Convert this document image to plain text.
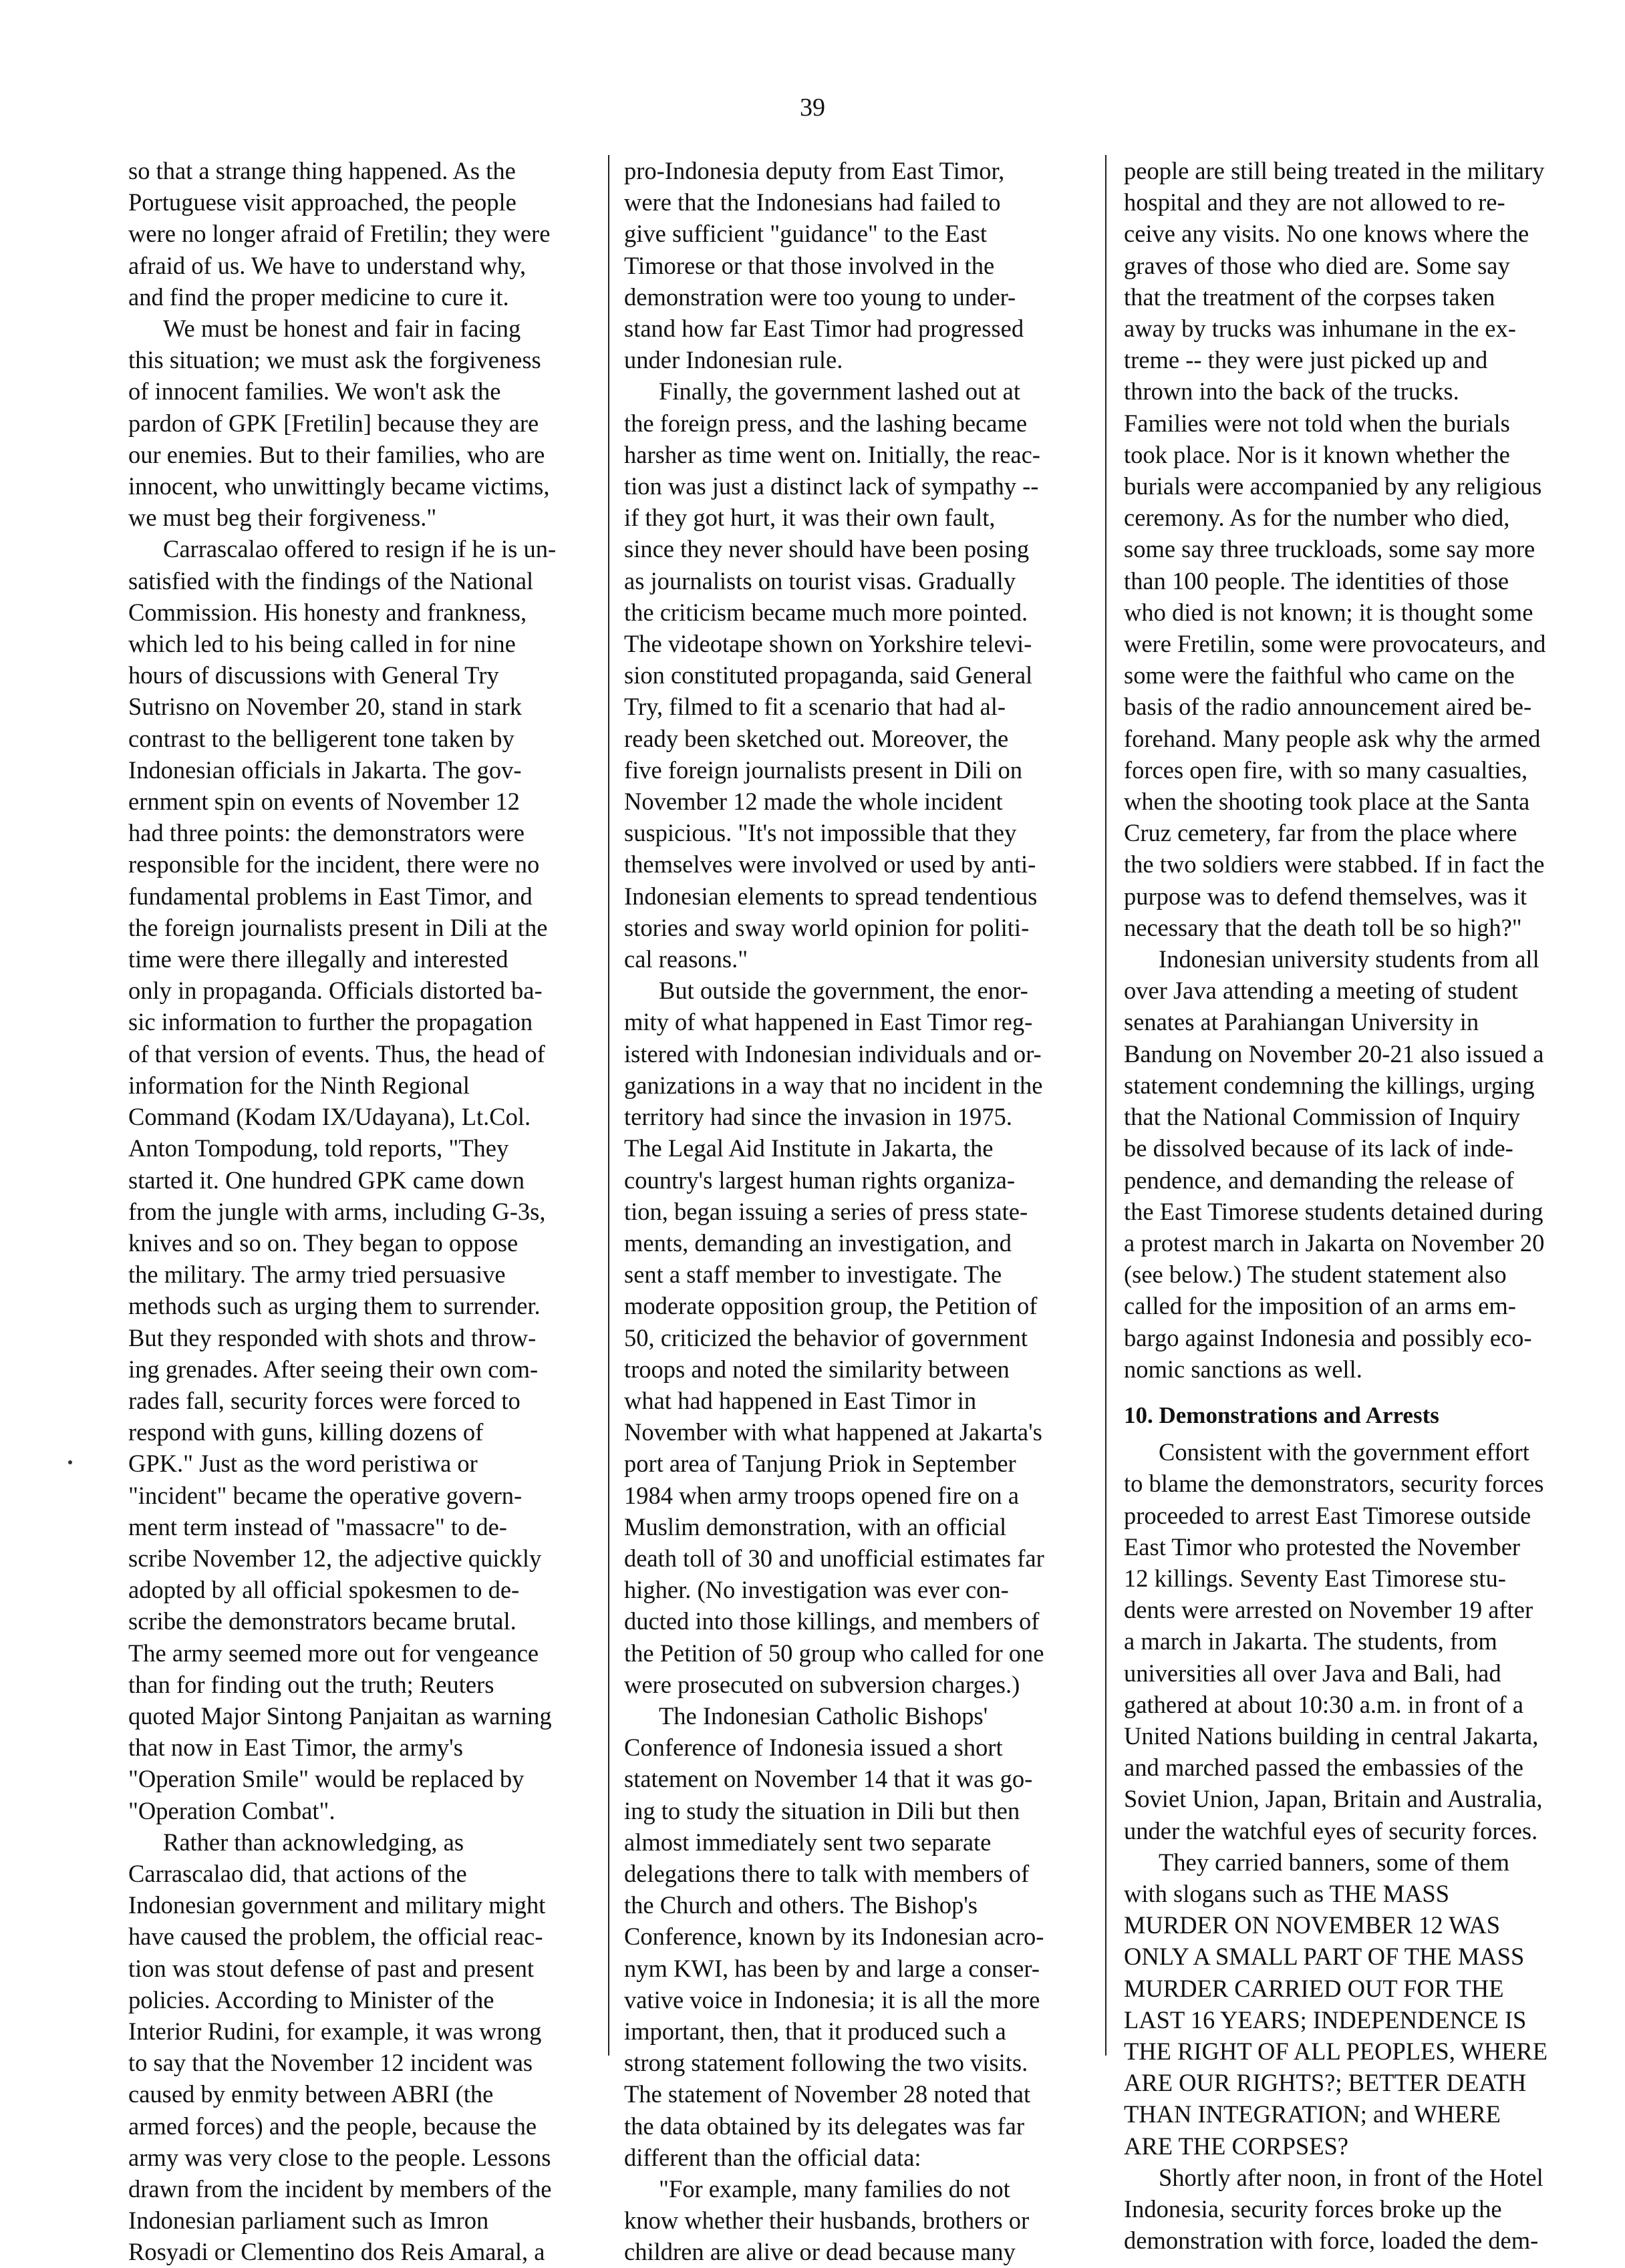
39
so that a strange thing happened. As the
Portuguese visit approached, the people
were no longer afraid of Fretilin; they were
afraid of us. We have to understand why,
and find the proper medicine to cure it.
We must be honest and fair in facing
this situation; we must ask the forgiveness
of innocent families. We won't ask the
pardon of GPK [Fretilin] because they are
our enemies. But to their families, who are
innocent, who unwittingly became victims,
we must beg their forgiveness."
Carrascalao offered to resign if he is un-
satisfied with the findings of the National
Commission. His honesty and frankness,
which led to his being called in for nine
hours of discussions with General Try
Sutrisno on November 20, stand in stark
contrast to the belligerent tone taken by
Indonesian officials in Jakarta. The gov-
ernment spin on events of November 12
had three points: the demonstrators were
responsible for the incident, there were no
fundamental problems in East Timor, and
the foreign journalists present in Dili at the
time were there illegally and interested
only in propaganda. Officials distorted ba-
sic information to further the propagation
of that version of events. Thus, the head of
information for the Ninth Regional
Command (Kodam IX/Udayana), Lt.Col.
Anton Tompodung, told reports, "They
started it. One hundred GPK came down
from the jungle with arms, including G-3s,
knives and so on. They began to oppose
the military. The army tried persuasive
methods such as urging them to surrender.
But they responded with shots and throw-
ing grenades. After seeing their own com-
rades fall, security forces were forced to
respond with guns, killing dozens of
GPK." Just as the word peristiwa or
"incident" became the operative govern-
ment term instead of "massacre" to de-
scribe November 12, the adjective quickly
adopted by all official spokesmen to de-
scribe the demonstrators became brutal.
The army seemed more out for vengeance
than for finding out the truth; Reuters
quoted Major Sintong Panjaitan as warning
that now in East Timor, the army's
"Operation Smile" would be replaced by
"Operation Combat".
Rather than acknowledging, as
Carrascalao did, that actions of the
Indonesian government and military might
have caused the problem, the official reac-
tion was stout defense of past and present
policies. According to Minister of the
Interior Rudini, for example, it was wrong
to say that the November 12 incident was
caused by enmity between ABRI (the
armed forces) and the people, because the
army was very close to the people. Lessons
drawn from the incident by members of the
Indonesian parliament such as Imron
Rosyadi or Clementino dos Reis Amaral, a
pro-Indonesia deputy from East Timor,
were that the Indonesians had failed to
give sufficient "guidance" to the East
Timorese or that those involved in the
demonstration were too young to under-
stand how far East Timor had progressed
under Indonesian rule.
Finally, the government lashed out at
the foreign press, and the lashing became
harsher as time went on. Initially, the reac-
tion was just a distinct lack of sympathy --
if they got hurt, it was their own fault,
since they never should have been posing
as journalists on tourist visas. Gradually
the criticism became much more pointed.
The videotape shown on Yorkshire televi-
sion constituted propaganda, said General
Try, filmed to fit a scenario that had al-
ready been sketched out. Moreover, the
five foreign journalists present in Dili on
November 12 made the whole incident
suspicious. "It's not impossible that they
themselves were involved or used by anti-
Indonesian elements to spread tendentious
stories and sway world opinion for politi-
cal reasons."
But outside the government, the enor-
mity of what happened in East Timor reg-
istered with Indonesian individuals and or-
ganizations in a way that no incident in the
territory had since the invasion in 1975.
The Legal Aid Institute in Jakarta, the
country's largest human rights organiza-
tion, began issuing a series of press state-
ments, demanding an investigation, and
sent a staff member to investigate. The
moderate opposition group, the Petition of
50, criticized the behavior of government
troops and noted the similarity between
what had happened in East Timor in
November with what happened at Jakarta's
port area of Tanjung Priok in September
1984 when army troops opened fire on a
Muslim demonstration, with an official
death toll of 30 and unofficial estimates far
higher. (No investigation was ever con-
ducted into those killings, and members of
the Petition of 50 group who called for one
were prosecuted on subversion charges.)
The Indonesian Catholic Bishops'
Conference of Indonesia issued a short
statement on November 14 that it was go-
ing to study the situation in Dili but then
almost immediately sent two separate
delegations there to talk with members of
the Church and others. The Bishop's
Conference, known by its Indonesian acro-
nym KWI, has been by and large a conser-
vative voice in Indonesia; it is all the more
important, then, that it produced such a
strong statement following the two visits.
The statement of November 28 noted that
the data obtained by its delegates was far
different than the official data:
"For example, many families do not
know whether their husbands, brothers or
children are alive or dead because many
people are still being treated in the military
hospital and they are not allowed to re-
ceive any visits. No one knows where the
graves of those who died are. Some say
that the treatment of the corpses taken
away by trucks was inhumane in the ex-
treme -- they were just picked up and
thrown into the back of the trucks.
Families were not told when the burials
took place. Nor is it known whether the
burials were accompanied by any religious
ceremony. As for the number who died,
some say three truckloads, some say more
than 100 people. The identities of those
who died is not known; it is thought some
were Fretilin, some were provocateurs, and
some were the faithful who came on the
basis of the radio announcement aired be-
forehand. Many people ask why the armed
forces open fire, with so many casualties,
when the shooting took place at the Santa
Cruz cemetery, far from the place where
the two soldiers were stabbed. If in fact the
purpose was to defend themselves, was it
necessary that the death toll be so high?"
Indonesian university students from all
over Java attending a meeting of student
senates at Parahiangan University in
Bandung on November 20-21 also issued a
statement condemning the killings, urging
that the National Commission of Inquiry
be dissolved because of its lack of inde-
pendence, and demanding the release of
the East Timorese students detained during
a protest march in Jakarta on November 20
(see below.) The student statement also
called for the imposition of an arms em-
bargo against Indonesia and possibly eco-
nomic sanctions as well.
10. Demonstrations and Arrests
Consistent with the government effort
to blame the demonstrators, security forces
proceeded to arrest East Timorese outside
East Timor who protested the November
12 killings. Seventy East Timorese stu-
dents were arrested on November 19 after
a march in Jakarta. The students, from
universities all over Java and Bali, had
gathered at about 10:30 a.m. in front of a
United Nations building in central Jakarta,
and marched passed the embassies of the
Soviet Union, Japan, Britain and Australia,
under the watchful eyes of security forces.
They carried banners, some of them
with slogans such as THE MASS
MURDER ON NOVEMBER 12 WAS
ONLY A SMALL PART OF THE MASS
MURDER CARRIED OUT FOR THE
LAST 16 YEARS; INDEPENDENCE IS
THE RIGHT OF ALL PEOPLES, WHERE
ARE OUR RIGHTS?; BETTER DEATH
THAN INTEGRATION; and WHERE
ARE THE CORPSES?
Shortly after noon, in front of the Hotel
Indonesia, security forces broke up the
demonstration with force, loaded the dem-
